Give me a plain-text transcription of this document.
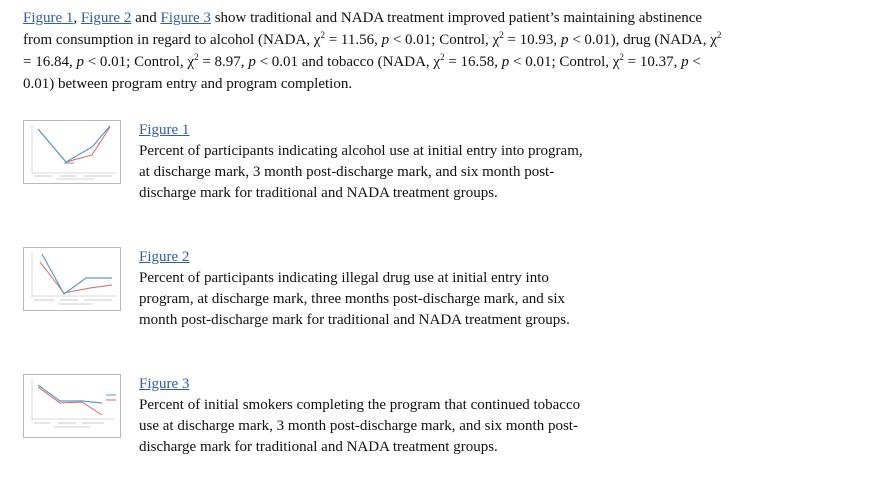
Figure 1, Figure 2 and Figure 3 show traditional and NADA treatment improved patient’s maintaining abstinence from consumption in regard to alcohol (NADA, $\chi^2 = 11.56$, p < 0.01; Control, $\chi^2 = 10.93$, p < 0.01), drug (NADA, $\chi^2 = 16.84$, p < 0.01; Control, $\chi^2 = 8.97$, p < 0.01 and tobacco (NADA, $\chi^2 = 16.58$, p < 0.01; Control, $\chi^2 = 10.37$, p < 0.01) between program entry and program completion.

Figure 1
Percent of participants indicating alcohol use at initial entry into program, at discharge mark, 3 month post-discharge mark, and six month post-discharge mark for traditional and NADA treatment groups.
Figure 2
Percent of participants indicating illegal drug use at initial entry into program, at discharge mark, three months post-discharge mark, and six month post-discharge mark for traditional and NADA treatment groups.
Figure 3
Percent of initial smokers completing the program that continued tobacco use at discharge mark, 3 month post-discharge mark, and six month post-discharge mark for traditional and NADA treatment groups.
